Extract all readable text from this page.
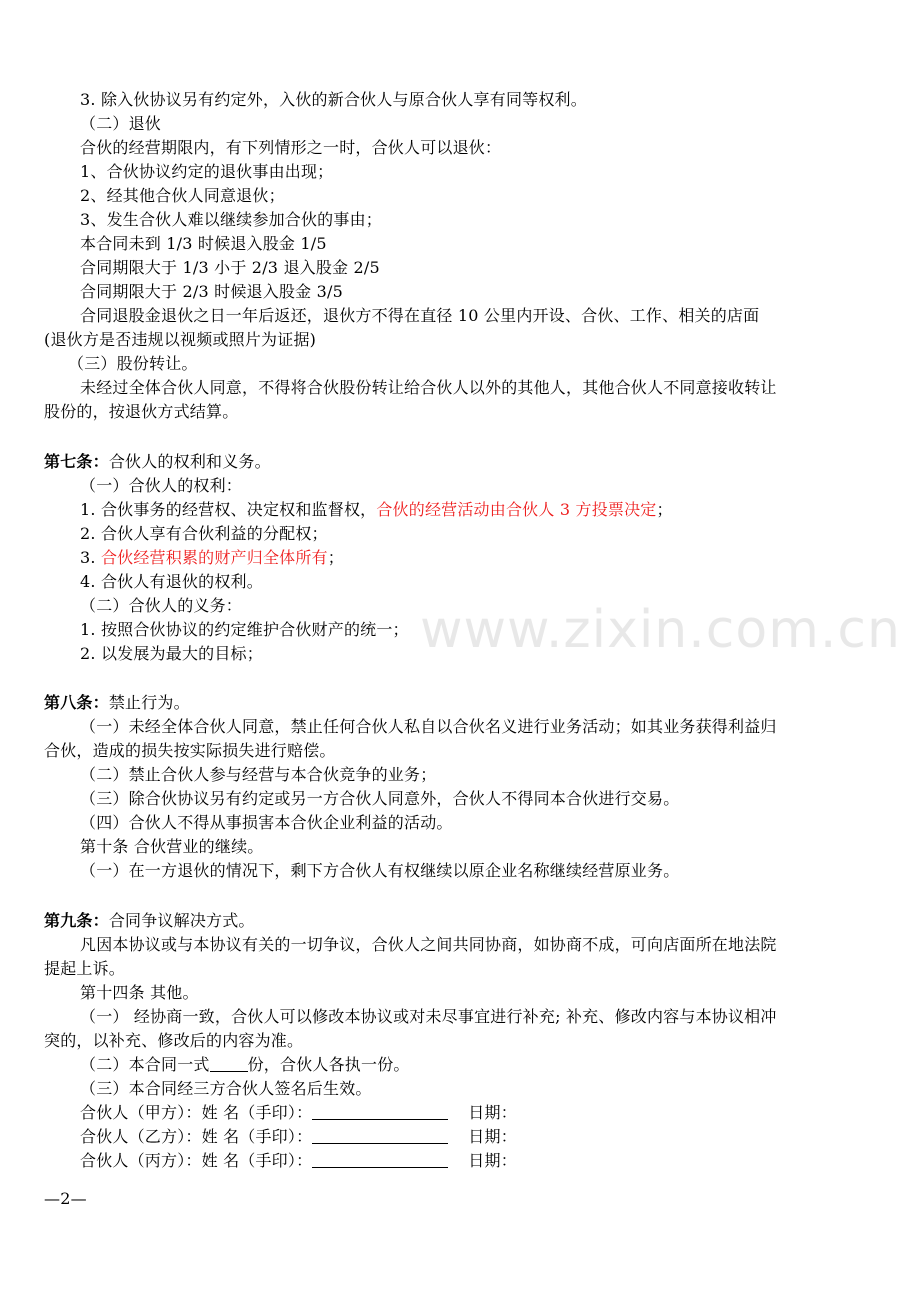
www.zixin.com.cn
3. 除入伙协议另有约定外，入伙的新合伙人与原合伙人享有同等权利。
（二）退伙
合伙的经营期限内，有下列情形之一时，合伙人可以退伙：
1、合伙协议约定的退伙事由出现；
2、经其他合伙人同意退伙；
3、发生合伙人难以继续参加合伙的事由；
本合同未到 1/3 时候退入股金 1/5
合同期限大于 1/3 小于 2/3 退入股金 2/5
合同期限大于 2/3 时候退入股金 3/5
合同退股金退伙之日一年后返还，退伙方不得在直径 10 公里内开设、合伙、工作、相关的店面
(退伙方是否违规以视频或照片为证据)
（三）股份转让。
未经过全体合伙人同意，不得将合伙股份转让给合伙人以外的其他人，其他合伙人不同意接收转让
股份的，按退伙方式结算。
第七条：合伙人的权利和义务。
（一）合伙人的权利：
1. 合伙事务的经营权、决定权和监督权，合伙的经营活动由合伙人 3 方投票决定；
2. 合伙人享有合伙利益的分配权；
3. 合伙经营积累的财产归全体所有；
4. 合伙人有退伙的权利。
（二）合伙人的义务：
1. 按照合伙协议的约定维护合伙财产的统一；
2. 以发展为最大的目标；
第八条：禁止行为。
（一）未经全体合伙人同意，禁止任何合伙人私自以合伙名义进行业务活动；如其业务获得利益归
合伙，造成的损失按实际损失进行赔偿。
（二）禁止合伙人参与经营与本合伙竞争的业务；
（三）除合伙协议另有约定或另一方合伙人同意外，合伙人不得同本合伙进行交易。
（四）合伙人不得从事损害本合伙企业利益的活动。
第十条 合伙营业的继续。
（一）在一方退伙的情况下，剩下方合伙人有权继续以原企业名称继续经营原业务。
第九条：合同争议解决方式。
凡因本协议或与本协议有关的一切争议，合伙人之间共同协商，如协商不成，可向店面所在地法院
提起上诉。
第十四条 其他。
（一） 经协商一致，合伙人可以修改本协议或对未尽事宜进行补充; 补充、修改内容与本协议相冲
突的，以补充、修改后的内容为准。
（二）本合同一式 份，合伙人各执一份。
（三）本合同经三方合伙人签名后生效。
合伙人（甲方）：姓 名（手印）：	日期：
合伙人（乙方）：姓 名（手印）：	日期：
合伙人（丙方）：姓 名（手印）：	日期：
—2—
